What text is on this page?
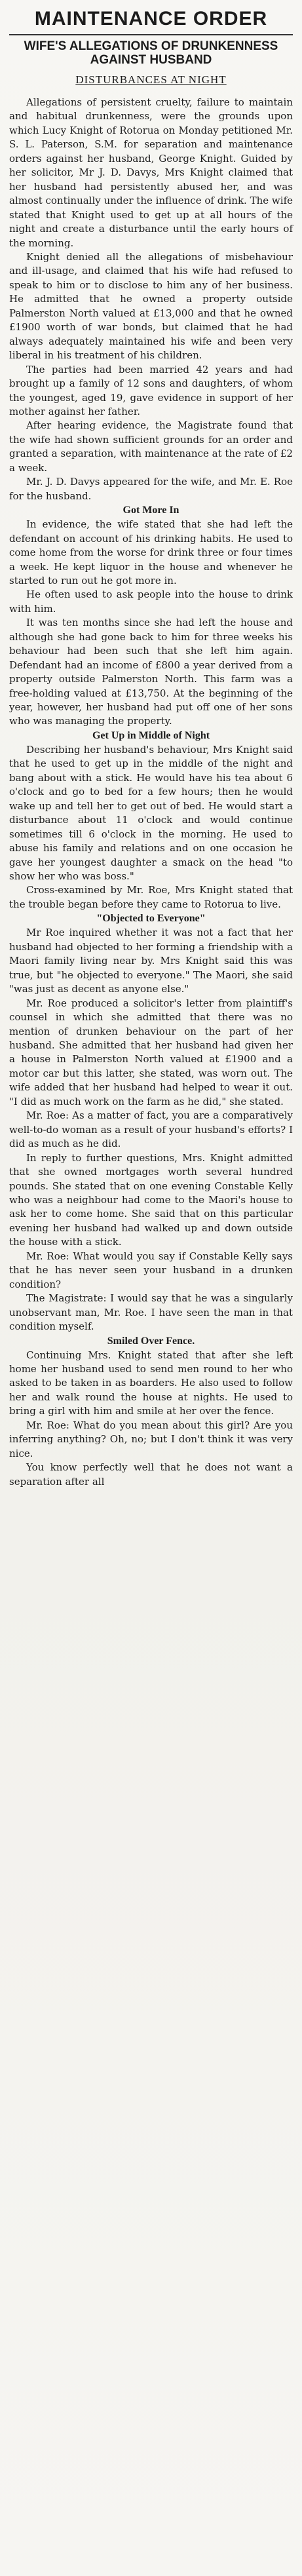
MAINTENANCE ORDER
WIFE'S ALLEGATIONS OF DRUNKENNESS AGAINST HUSBAND
DISTURBANCES AT NIGHT

Allegations of persistent cruelty, failure to maintain and habitual drunkenness, were the grounds upon which Lucy Knight of Rotorua on Monday petitioned Mr. S. L. Paterson, S.M. for separation and maintenance orders against her husband, George Knight. Guided by her solicitor, Mr J. D. Davys, Mrs Knight claimed that her husband had persistently abused her, and was almost continually under the influence of drink. The wife stated that Knight used to get up at all hours of the night and create a disturbance until the early hours of the morning.

Knight denied all the allegations of misbehaviour and ill-usage, and claimed that his wife had refused to speak to him or to disclose to him any of her business. He admitted that he owned a property outside Palmerston North valued at £13,000 and that he owned £1900 worth of war bonds, but claimed that he had always adequately maintained his wife and been very liberal in his treatment of his children.

The parties had been married 42 years and had brought up a family of 12 sons and daughters, of whom the youngest, aged 19, gave evidence in support of her mother against her father.

After hearing evidence, the Magistrate found that the wife had shown sufficient grounds for an order and granted a separation, with maintenance at the rate of £2 a week.

Mr. J. D. Davys appeared for the wife, and Mr. E. Roe for the husband.

Got More In

In evidence, the wife stated that she had left the defendant on account of his drinking habits. He used to come home from the worse for drink three or four times a week. He kept liquor in the house and whenever he started to run out he got more in.

He often used to ask people into the house to drink with him.

It was ten months since she had left the house and although she had gone back to him for three weeks his behaviour had been such that she left him again. Defendant had an income of £800 a year derived from a property outside Palmerston North. This farm was a free-holding valued at £13,750. At the beginning of the year, however, her husband had put off one of her sons who was managing the property.

Get Up in Middle of Night

Describing her husband's behaviour, Mrs Knight said that he used to get up in the middle of the night and bang about with a stick. He would have his tea about 6 o'clock and go to bed for a few hours; then he would wake up and tell her to get out of bed. He would start a disturbance about 11 o'clock and would continue sometimes till 6 o'clock in the morning. He used to abuse his family and relations and on one occasion he gave her youngest daughter a smack on the head "to show her who was boss."

Cross-examined by Mr. Roe, Mrs Knight stated that the trouble began before they came to Rotorua to live.

"Objected to Everyone"

Mr Roe inquired whether it was not a fact that her husband had objected to her forming a friendship with a Maori family living near by. Mrs Knight said this was true, but "he objected to everyone." The Maori, she said "was just as decent as anyone else."

Mr. Roe produced a solicitor's letter from plaintiff's counsel in which she admitted that there was no mention of drunken behaviour on the part of her husband. She admitted that her husband had given her a house in Palmerston North valued at £1900 and a motor car but this latter, she stated, was worn out. The wife added that her husband had helped to wear it out. "I did as much work on the farm as he did," she stated.

Mr. Roe: As a matter of fact, you are a comparatively well-to-do woman as a result of your husband's efforts? I did as much as he did.

In reply to further questions, Mrs. Knight admitted that she owned mortgages worth several hundred pounds. She stated that on one evening Constable Kelly who was a neighbour had come to the Maori's house to ask her to come home. She said that on this particular evening her husband had walked up and down outside the house with a stick.

Mr. Roe: What would you say if Constable Kelly says that he has never seen your husband in a drunken condition?

The Magistrate: I would say that he was a singularly unobservant man, Mr. Roe. I have seen the man in that condition myself.

Smiled Over Fence.

Continuing Mrs. Knight stated that after she left home her husband used to send men round to her who asked to be taken in as boarders. He also used to follow her and walk round the house at nights. He used to bring a girl with him and smile at her over the fence.

Mr. Roe: What do you mean about this girl? Are you inferring anything? Oh, no; but I don't think it was very nice.

You know perfectly well that he does not want a separation after all
